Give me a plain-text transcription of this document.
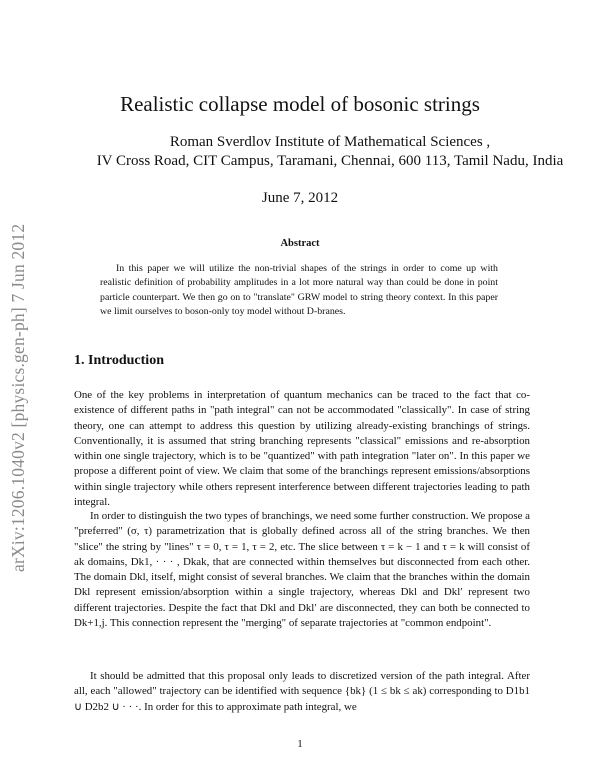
arXiv:1206.1040v2 [physics.gen-ph] 7 Jun 2012
Realistic collapse model of bosonic strings
Roman Sverdlov Institute of Mathematical Sciences ,
IV Cross Road, CIT Campus, Taramani, Chennai, 600 113, Tamil Nadu, India
June 7, 2012
Abstract

In this paper we will utilize the non-trivial shapes of the strings in order to come up with realistic definition of probability amplitudes in a lot more natural way than could be done in point particle counterpart. We then go on to "translate" GRW model to string theory context. In this paper we limit ourselves to boson-only toy model without D-branes.

1. Introduction

One of the key problems in interpretation of quantum mechanics can be traced to the fact that co-existence of different paths in "path integral" can not be accommodated "classically". In case of string theory, one can attempt to address this question by utilizing already-existing branchings of strings. Conventionally, it is assumed that string branching represents "classical" emissions and re-absorption within one single trajectory, which is to be "quantized" with path integration "later on". In this paper we propose a different point of view. We claim that some of the branchings represent emissions/absorptions within single trajectory while others represent interference between different trajectories leading to path integral.

In order to distinguish the two types of branchings, we need some further construction. We propose a "preferred" (σ, τ) parametrization that is globally defined across all of the string branches. We then "slice" the string by "lines" τ = 0, τ = 1, τ = 2, etc. The slice between τ = k − 1 and τ = k will consist of ak domains, Dk1, · · · , Dkak, that are connected within themselves but disconnected from each other. The domain Dkl, itself, might consist of several branches. We claim that the branches within the domain Dkl represent emission/absorption within a single trajectory, whereas Dkl and Dkl′ represent two different trajectories. Despite the fact that Dkl and Dkl′ are disconnected, they can both be connected to Dk+1,j. This connection represent the "merging" of separate trajectories at "common endpoint".

It should be admitted that this proposal only leads to discretized version of the path integral. After all, each "allowed" trajectory can be identified with sequence {bk} (1 ≤ bk ≤ ak) corresponding to D1b1 ∪ D2b2 ∪ · · ·. In order for this to approximate path integral, we

1
